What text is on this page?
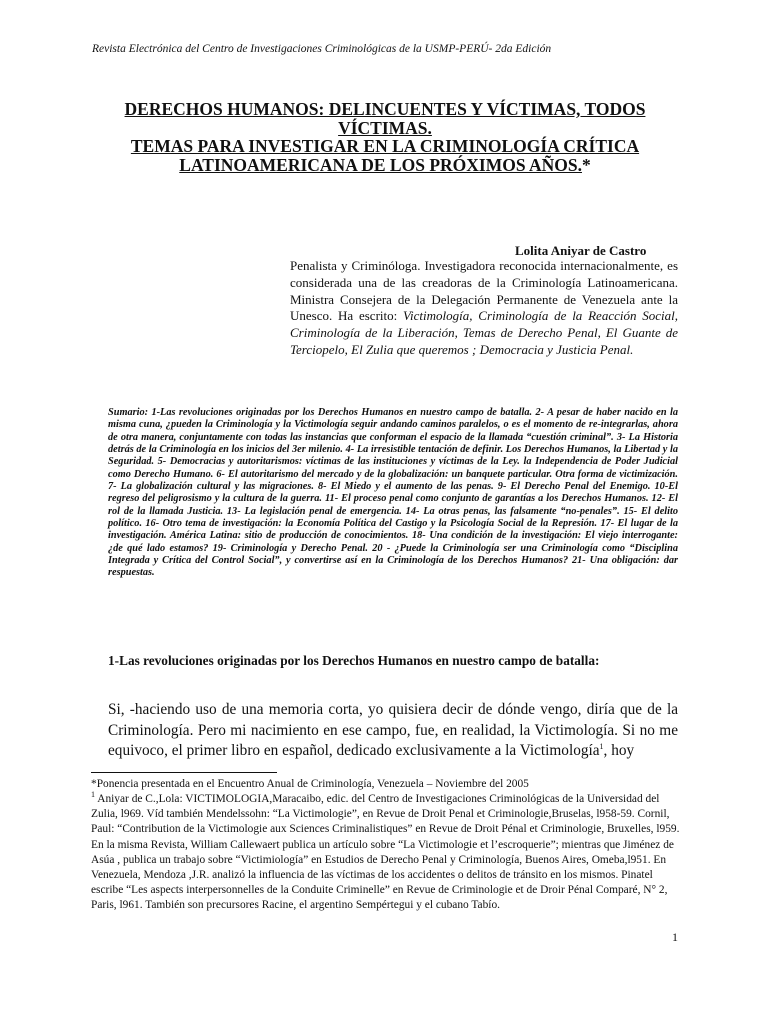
Revista Electrónica del Centro de Investigaciones Criminológicas de la USMP-PERÚ- 2da Edición
DERECHOS HUMANOS: DELINCUENTES Y VÍCTIMAS, TODOS
VÍCTIMAS.
TEMAS PARA INVESTIGAR EN LA CRIMINOLOGÍA CRÍTICA
LATINOAMERICANA DE LOS PRÓXIMOS AÑOS.*
Lolita Aniyar de Castro
Penalista y Criminóloga. Investigadora reconocida internacionalmente, es considerada una de las creadoras de la Criminología Latinoamericana. Ministra Consejera de la Delegación Permanente de Venezuela ante la Unesco. Ha escrito: Victimología, Criminología de la Reacción Social, Criminología de la Liberación, Temas de Derecho Penal, El Guante de Terciopelo, El Zulia que queremos ; Democracia y Justicia Penal.
Sumario: 1-Las revoluciones originadas por los Derechos Humanos en nuestro campo de batalla. 2- A pesar de haber nacido en la misma cuna, ¿pueden la Criminología y la Victimología seguir andando caminos paralelos, o es el momento de re-integrarlas, ahora de otra manera, conjuntamente con todas las instancias que conforman el espacio de la llamada “cuestión criminal”. 3- La Historia detrás de la Criminología en los inicios del 3er milenio. 4- La irresistible tentación de definir. Los Derechos Humanos, la Libertad y la Seguridad. 5- Democracias y autoritarismos: víctimas de las instituciones y víctimas de la Ley. la Independencia de Poder Judicial como Derecho Humano. 6- El autoritarismo del mercado y de la globalización: un banquete particular. Otra forma de victimización. 7- La globalización cultural y las migraciones. 8- El Miedo y el aumento de las penas. 9- El Derecho Penal del Enemigo. 10-El regreso del peligrosismo y la cultura de la guerra. 11- El proceso penal como conjunto de garantías a los Derechos Humanos. 12- El rol de la llamada Justicia. 13- La legislación penal de emergencia. 14- La otras penas, las falsamente “no-penales”. 15- El delito político. 16- Otro tema de investigación: la Economía Política del Castigo y la Psicología Social de la Represión. 17- El lugar de la investigación. América Latina: sitio de producción de conocimientos. 18- Una condición de la investigación: El viejo interrogante: ¿de qué lado estamos? 19- Criminología y Derecho Penal. 20 - ¿Puede la Criminología ser una Criminología como “Disciplina Integrada y Crítica del Control Social”, y convertirse así en la Criminología de los Derechos Humanos? 21- Una obligación: dar respuestas.
1-Las revoluciones originadas por los Derechos Humanos en nuestro campo de batalla:
Si, -haciendo uso de una memoria corta, yo quisiera decir de dónde vengo, diría que de la Criminología. Pero mi nacimiento en ese campo, fue, en realidad, la Victimología. Si no me equivoco, el primer libro en español, dedicado exclusivamente a la Victimología$^1$, hoy
*Ponencia presentada en el Encuentro Anual de Criminología, Venezuela – Noviembre del 2005
$^1$ Aniyar de C.,Lola: VICTIMOLOGIA,Maracaibo, edic. del Centro de Investigaciones Criminológicas de la Universidad del Zulia, l969. Víd también Mendelssohn: “La Victimologie”, en Revue de Droit Penal et Criminologie,Bruselas, l958-59. Cornil, Paul: “Contribution de la Victimologie aux Sciences Criminalistiques” en Revue de Droit Pénal et Criminologie, Bruxelles, l959. En la misma Revista, William Callewaert publica un artículo sobre “La Victimologie et l’escroquerie”; mientras que Jiménez de Asúa , publica un trabajo sobre “Victimiología” en Estudios de Derecho Penal y Criminología, Buenos Aires, Omeba,l951. En Venezuela, Mendoza ,J.R. analizó la influencia de las víctimas de los accidentes o delitos de tránsito en los mismos. Pinatel escribe “Les aspects interpersonnelles de la Conduite Criminelle” en Revue de Criminologie et de Droir Pénal Comparé, N° 2, Paris, l961. También son precursores Racine, el argentino Sempértegui y el cubano Tabío.
1
